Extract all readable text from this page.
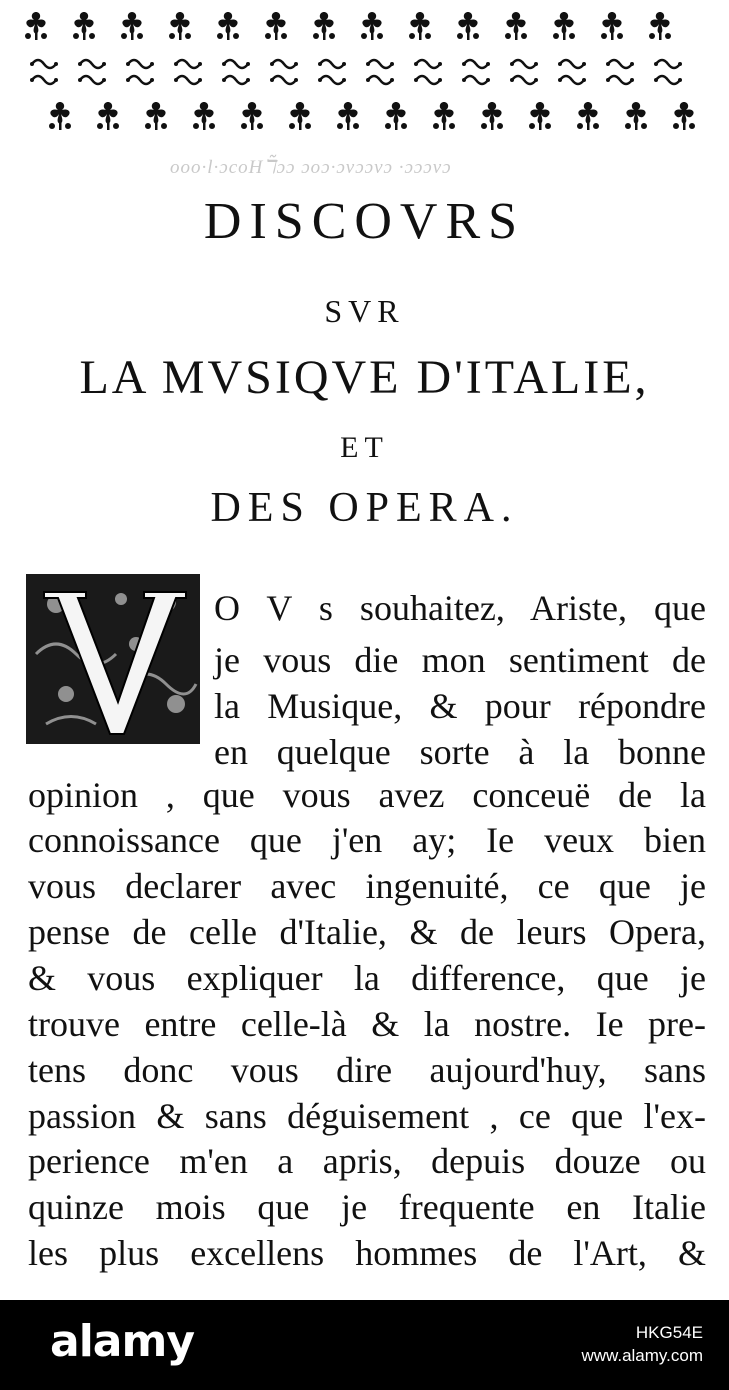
ooo·l·ɔcoHℸ̃ɔɔ ɔoɔ·ɔvɔɔvɔ ·ɔɔɔvɔ
DISCOVRS
SVR
LA MVSIQVE D'ITALIE,
ET
DES OPERA.
O V s souhaitez, Ariste, que
je vous die mon sentiment de
la Musique, & pour répondre
en quelque sorte à la bonne
opinion , que vous avez conceuë de la
connoissance que j'en ay; Ie veux bien
vous declarer avec ingenuité, ce que je
pense de celle d'Italie, & de leurs Opera,
& vous expliquer la difference, que je
trouve entre celle-là & la nostre. Ie pre-
tens donc vous dire aujourd'huy, sans
passion & sans déguisement , ce que l'ex-
perience m'en a apris, depuis douze ou
quinze mois que je frequente en Italie
les plus excellens hommes de l'Art, &
alamy	HKG54E
www.alamy.com
